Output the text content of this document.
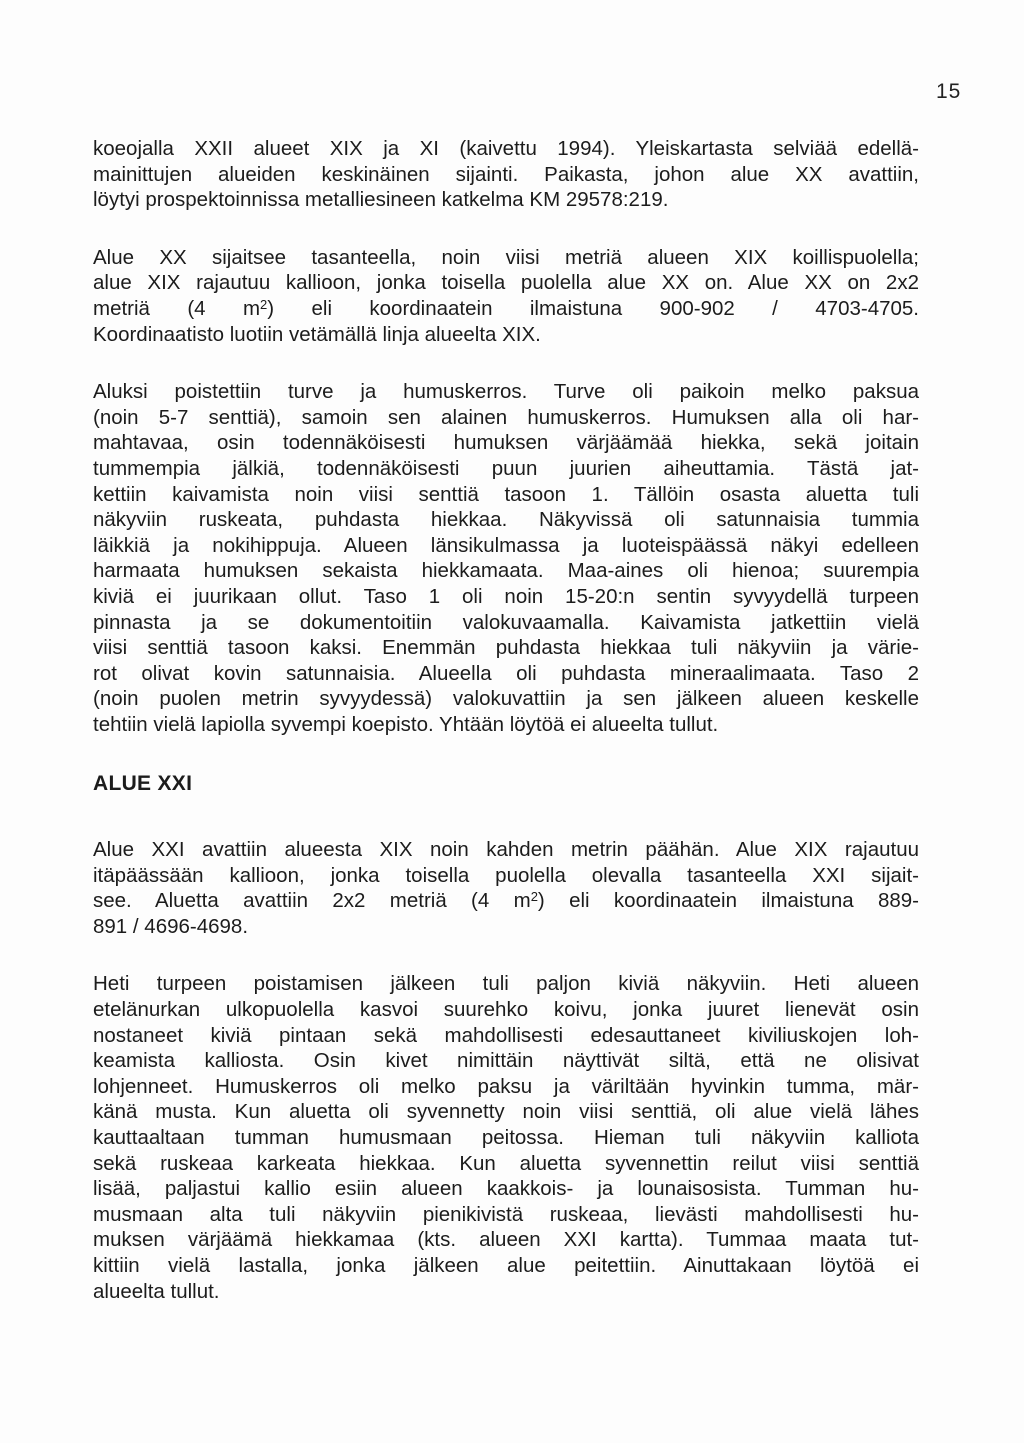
15
koeojalla XXII alueet XIX ja XI (kaivettu 1994). Yleiskartasta selviää edellä-
mainittujen alueiden keskinäinen sijainti. Paikasta, johon alue XX avattiin,
löytyi prospektoinnissa metalliesineen katkelma KM 29578:219.
Alue XX sijaitsee tasanteella, noin viisi metriä alueen XIX koillispuolella;
alue XIX rajautuu kallioon, jonka toisella puolella alue XX on. Alue XX on 2x2
metriä (4 $m^2$) eli koordinaatein ilmaistuna 900-902 / 4703-4705.
Koordinaatisto luotiin vetämällä linja alueelta XIX.
Aluksi poistettiin turve ja humuskerros. Turve oli paikoin melko paksua
(noin 5-7 senttiä), samoin sen alainen humuskerros. Humuksen alla oli har-
mahtavaa, osin todennäköisesti humuksen värjäämää hiekka, sekä joitain
tummempia jälkiä, todennäköisesti puun juurien aiheuttamia. Tästä jat-
kettiin kaivamista noin viisi senttiä tasoon 1. Tällöin osasta aluetta tuli
näkyviin ruskeata, puhdasta hiekkaa. Näkyvissä oli satunnaisia tummia
läikkiä ja nokihippuja. Alueen länsikulmassa ja luoteispäässä näkyi edelleen
harmaata humuksen sekaista hiekkamaata. Maa-aines oli hienoa; suurempia
kiviä ei juurikaan ollut. Taso 1 oli noin 15-20:n sentin syvyydellä turpeen
pinnasta ja se dokumentoitiin valokuvaamalla. Kaivamista jatkettiin vielä
viisi senttiä tasoon kaksi. Enemmän puhdasta hiekkaa tuli näkyviin ja värie-
rot olivat kovin satunnaisia. Alueella oli puhdasta mineraalimaata. Taso 2
(noin puolen metrin syvyydessä) valokuvattiin ja sen jälkeen alueen keskelle
tehtiin vielä lapiolla syvempi koepisto. Yhtään löytöä ei alueelta tullut.
ALUE XXI
Alue XXI avattiin alueesta XIX noin kahden metrin päähän. Alue XIX rajautuu
itäpäässään kallioon, jonka toisella puolella olevalla tasanteella XXI sijait-
see. Aluetta avattiin 2x2 metriä (4 $m^2$) eli koordinaatein ilmaistuna 889-
891 / 4696-4698.
Heti turpeen poistamisen jälkeen tuli paljon kiviä näkyviin. Heti alueen
etelänurkan ulkopuolella kasvoi suurehko koivu, jonka juuret lienevät osin
nostaneet kiviä pintaan sekä mahdollisesti edesauttaneet kiviliuskojen loh-
keamista kalliosta. Osin kivet nimittäin näyttivät siltä, että ne olisivat
lohjenneet. Humuskerros oli melko paksu ja väriltään hyvinkin tumma, mär-
känä musta. Kun aluetta oli syvennetty noin viisi senttiä, oli alue vielä lähes
kauttaaltaan tumman humusmaan peitossa. Hieman tuli näkyviin kalliota
sekä ruskeaa karkeata hiekkaa. Kun aluetta syvennettin reilut viisi senttiä
lisää, paljastui kallio esiin alueen kaakkois- ja lounaisosista. Tumman hu-
musmaan alta tuli näkyviin pienikivistä ruskeaa, lievästi mahdollisesti hu-
muksen värjäämä hiekkamaa (kts. alueen XXI kartta). Tummaa maata tut-
kittiin vielä lastalla, jonka jälkeen alue peitettiin. Ainuttakaan löytöä ei
alueelta tullut.
